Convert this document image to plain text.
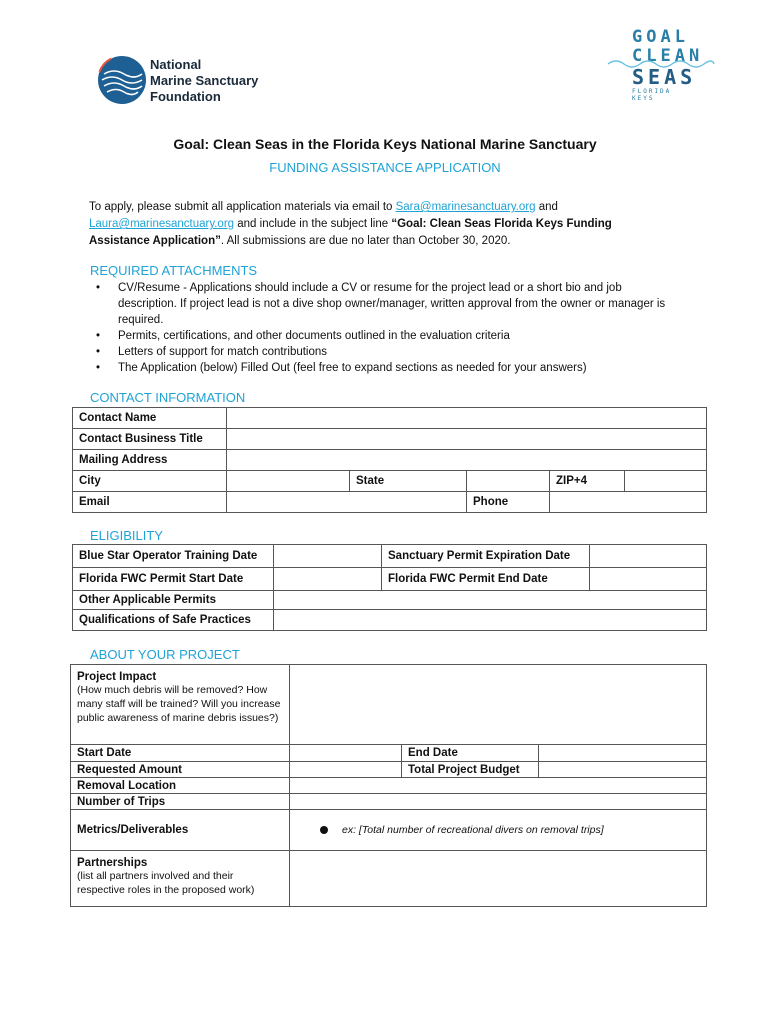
National
Marine Sanctuary
Foundation
GOAL
CLEAN
SEAS
FLORIDA KEYS
Goal: Clean Seas in the Florida Keys National Marine Sanctuary
FUNDING ASSISTANCE APPLICATION
To apply, please submit all application materials via email to Sara@marinesanctuary.org and Laura@marinesanctuary.org and include in the subject line “Goal: Clean Seas Florida Keys Funding Assistance Application”. All submissions are due no later than October 30, 2020.
REQUIRED ATTACHMENTS
• CV/Resume - Applications should include a CV or resume for the project lead or a short bio and job description. If project lead is not a dive shop owner/manager, written approval from the owner or manager is required.
• Permits, certifications, and other documents outlined in the evaluation criteria
• Letters of support for match contributions
• The Application (below) Filled Out (feel free to expand sections as needed for your answers)
CONTACT INFORMATION
Contact Name					
Contact Business Title					
Mailing Address					
City		State		ZIP+4	
Email			Phone		
ELIGIBILITY
Blue Star Operator Training Date		Sanctuary Permit Expiration Date	
Florida FWC Permit Start Date		Florida FWC Permit End Date	
Other Applicable Permits			
Qualifications of Safe Practices			
ABOUT YOUR PROJECT
Project Impact
(How much debris will be removed? How many staff will be trained? Will you increase public awareness of marine debris issues?)			

Start Date		End Date	
Requested Amount		Total Project Budget	
Removal Location			
Number of Trips			
Metrics/Deliverables	ex: [Total number of recreational divers on removal trips]		

Partnerships
(list all partners involved and their respective roles in the proposed work)			
